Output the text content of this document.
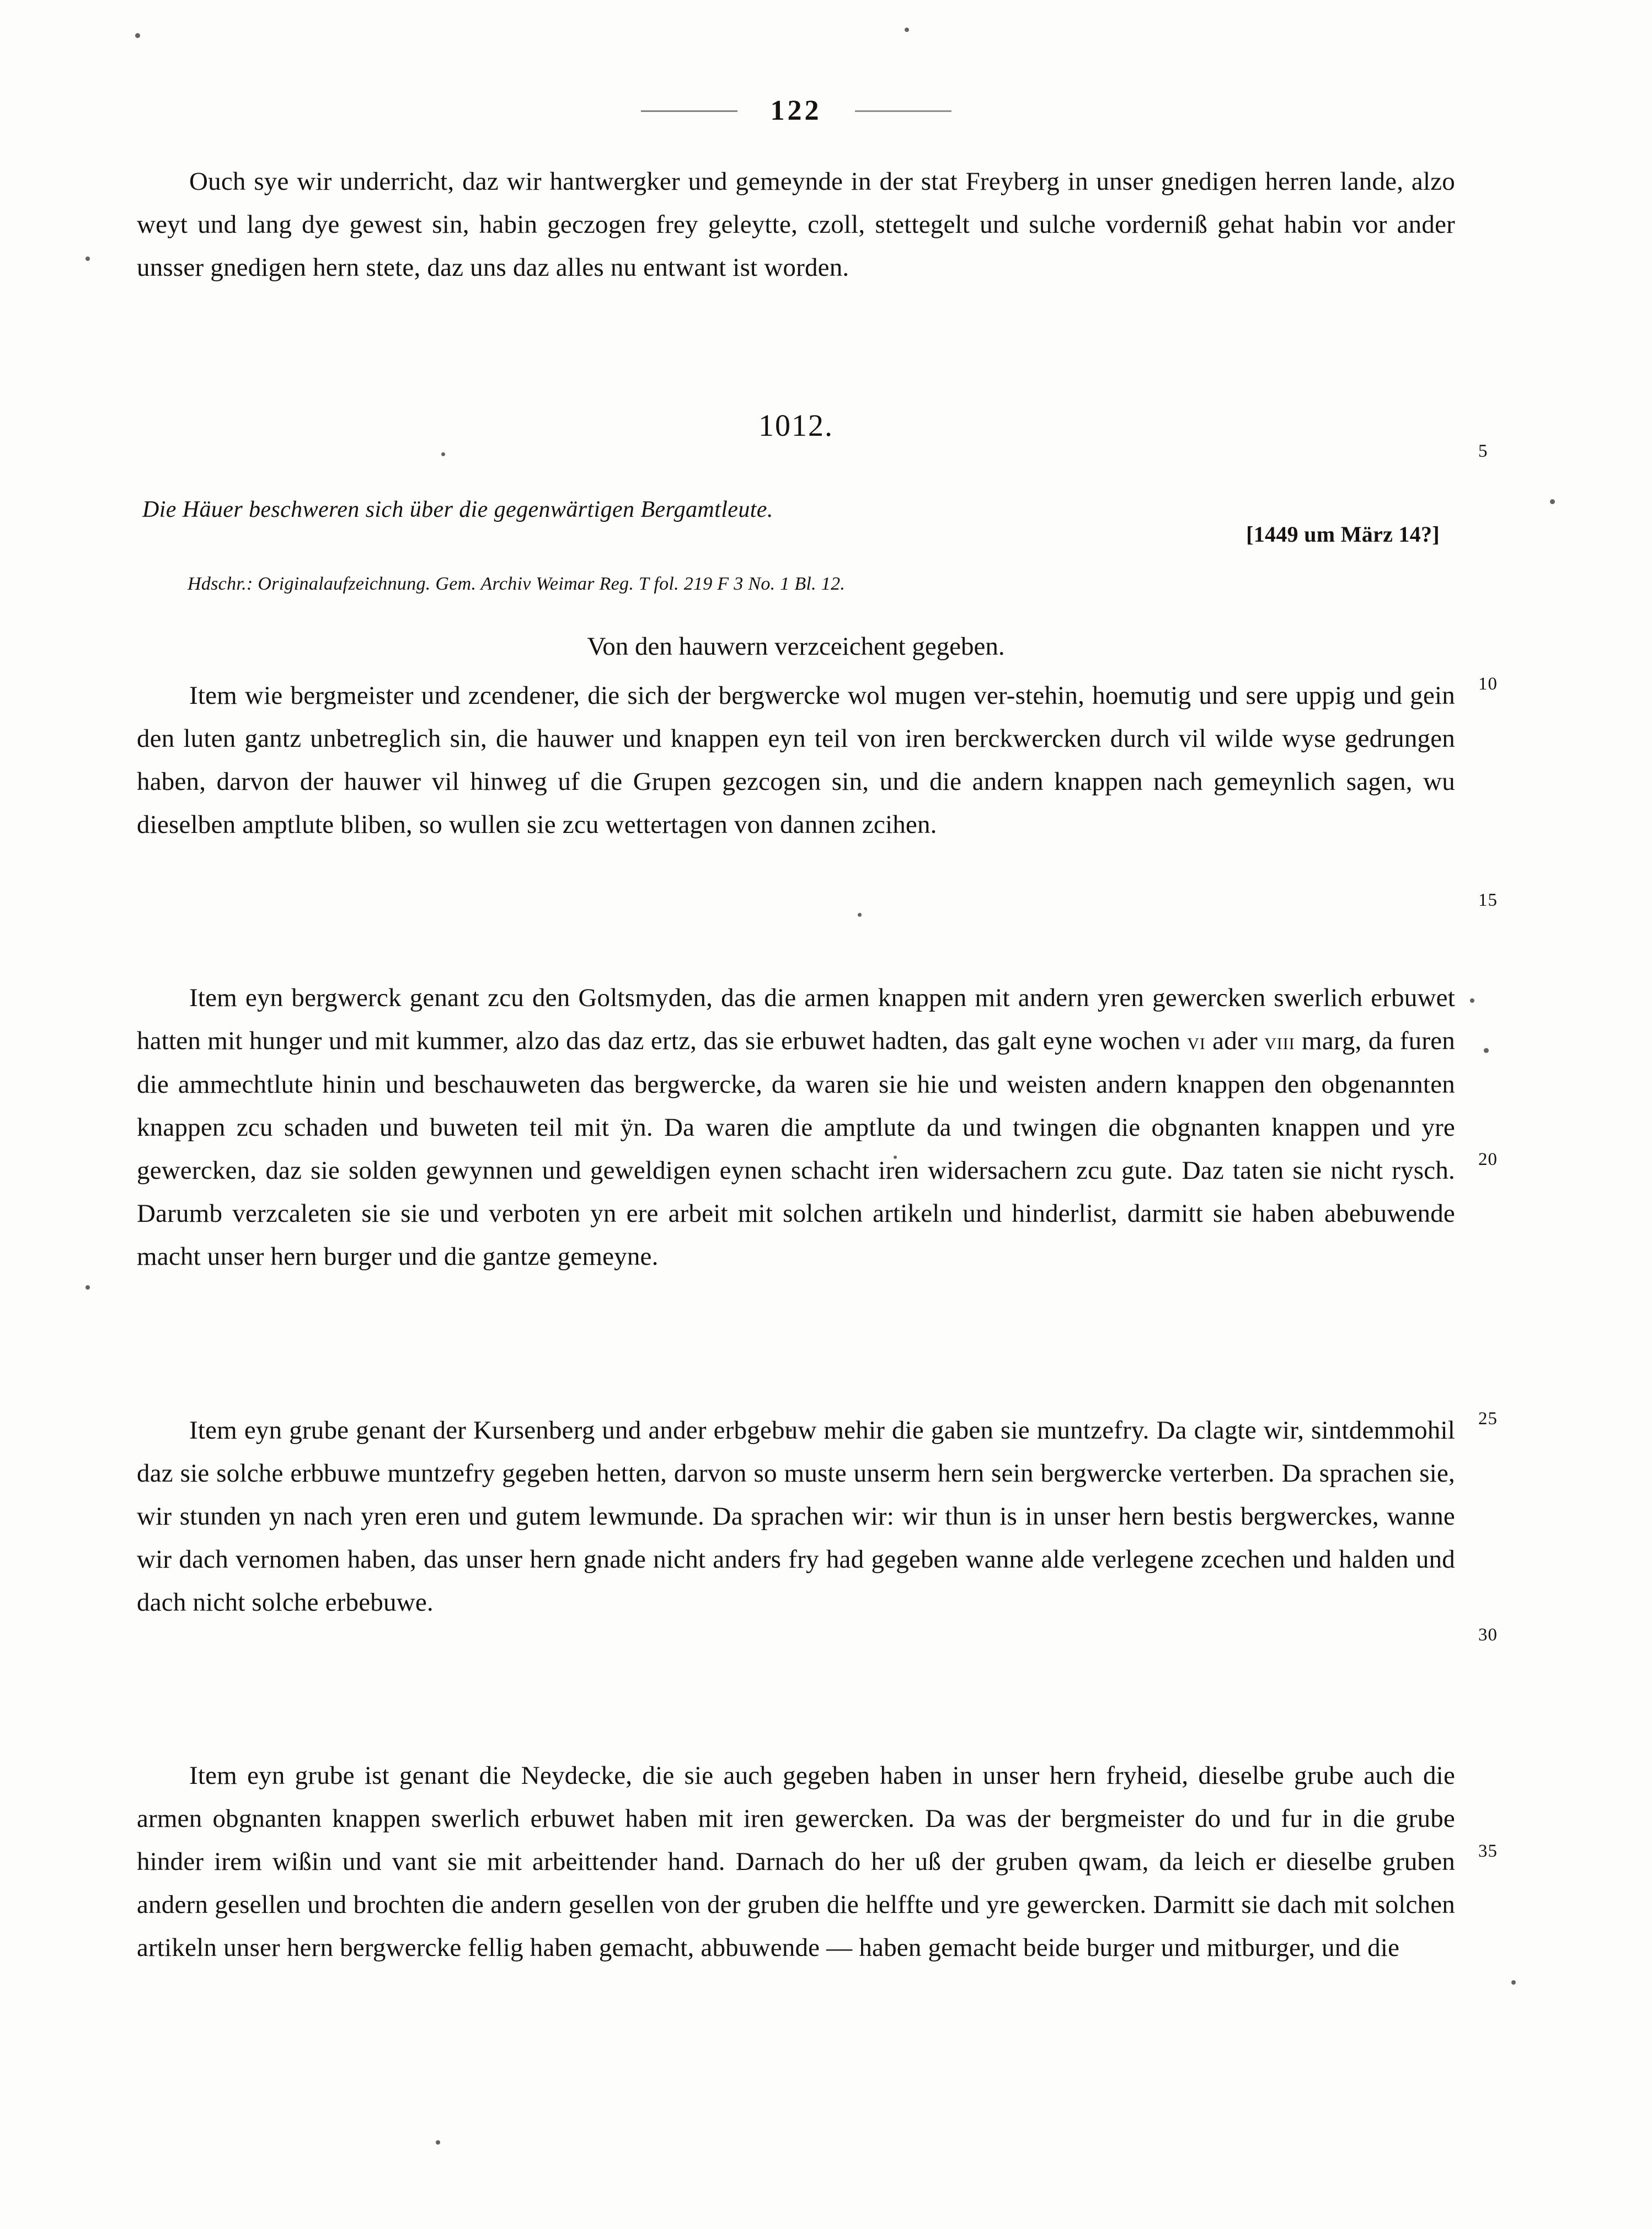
122
Ouch sye wir underricht, daz wir hantwergker und gemeynde in der stat Freyberg in unser gnedigen herren lande, alzo weyt und lang dye gewest sin, habin geczogen frey geleytte, czoll, stettegelt und sulche vorderniß gehat habin vor ander unsser gnedigen hern stete, daz uns daz alles nu entwant ist worden.
1012.
Die Häuer beschweren sich über die gegenwärtigen Bergamtleute.
[1449 um März 14?]
Hdschr.: Originalaufzeichnung. Gem. Archiv Weimar Reg. T fol. 219 F 3 No. 1 Bl. 12.
Von den hauwern verzceichent gegeben.
Item wie bergmeister und zcendener, die sich der bergwercke wol mugen ver-stehin, hoemutig und sere uppig und gein den luten gantz unbetreglich sin, die hauwer und knappen eyn teil von iren berckwercken durch vil wilde wyse gedrungen haben, darvon der hauwer vil hinweg uf die Grupen gezcogen sin, und die andern knappen nach gemeynlich sagen, wu dieselben amptlute bliben, so wullen sie zcu wettertagen von dannen zcihen.
Item eyn bergwerck genant zcu den Goltsmyden, das die armen knappen mit andern yren gewercken swerlich erbuwet hatten mit hunger und mit kummer, alzo das daz ertz, das sie erbuwet hadten, das galt eyne wochen vi ader viii marg, da furen die ammechtlute hinin und beschauweten das bergwercke, da waren sie hie und weisten andern knappen den obgenannten knappen zcu schaden und buweten teil mit ÿn. Da waren die amptlute da und twingen die obgnanten knappen und yre gewercken, daz sie solden gewynnen und geweldigen eynen schacht iren widersachern zcu gute. Daz taten sie nicht rysch. Darumb verzcaleten sie sie und verboten yn ere arbeit mit solchen artikeln und hinderlist, darmitt sie haben abebuwende macht unser hern burger und die gantze gemeyne.
Item eyn grube genant der Kursenberg und ander erbgebuw mehir die gaben sie muntzefry. Da clagte wir, sintdemmohil daz sie solche erbbuwe muntzefry gegeben hetten, darvon so muste unserm hern sein bergwercke verterben. Da sprachen sie, wir stunden yn nach yren eren und gutem lewmunde. Da sprachen wir: wir thun is in unser hern bestis bergwerckes, wanne wir dach vernomen haben, das unser hern gnade nicht anders fry had gegeben wanne alde verlegene zcechen und halden und dach nicht solche erbebuwe.
Item eyn grube ist genant die Neydecke, die sie auch gegeben haben in unser hern fryheid, dieselbe grube auch die armen obgnanten knappen swerlich erbuwet haben mit iren gewercken. Da was der bergmeister do und fur in die grube hinder irem wißin und vant sie mit arbeittender hand. Darnach do her uß der gruben qwam, da leich er dieselbe gruben andern gesellen und brochten die andern gesellen von der gruben die helffte und yre gewercken. Darmitt sie dach mit solchen artikeln unser hern bergwercke fellig haben gemacht, abbuwende — haben gemacht beide burger und mitburger, und die
5
10
15
20
25
30
35
